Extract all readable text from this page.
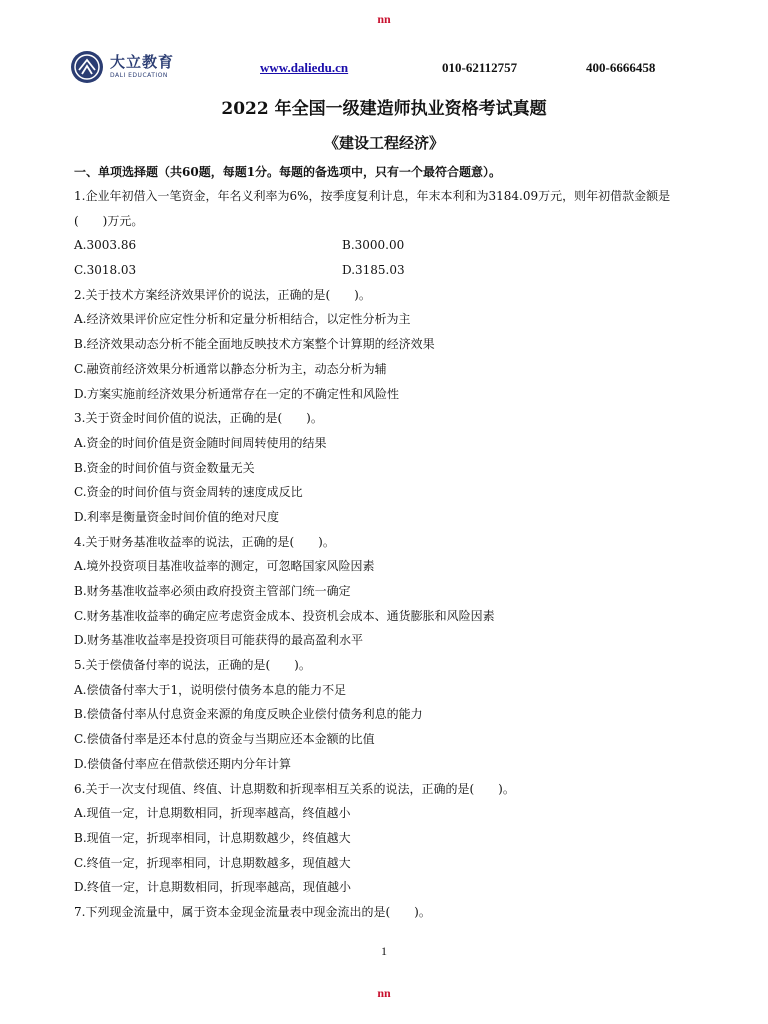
nn
大立教育
DALI EDUCATION
www.daliedu.cn	010-62112757	400-6666458
2022 年全国一级建造师执业资格考试真题
《建设工程经济》
一、单项选择题（共60题，每题1分。每题的备选项中，只有一个最符合题意）。
1.企业年初借入一笔资金，年名义利率为6%，按季度复利计息，年末本利和为3184.09万元，则年初借款金额是(　　)万元。
A.3003.86	B.3000.00
C.3018.03	D.3185.03
2.关于技术方案经济效果评价的说法，正确的是(　　)。
A.经济效果评价应定性分析和定量分析相结合，以定性分析为主
B.经济效果动态分析不能全面地反映技术方案整个计算期的经济效果
C.融资前经济效果分析通常以静态分析为主，动态分析为辅
D.方案实施前经济效果分析通常存在一定的不确定性和风险性
3.关于资金时间价值的说法，正确的是(　　)。
A.资金的时间价值是资金随时间周转使用的结果
B.资金的时间价值与资金数量无关
C.资金的时间价值与资金周转的速度成反比
D.利率是衡量资金时间价值的绝对尺度
4.关于财务基准收益率的说法，正确的是(　　)。
A.境外投资项目基准收益率的测定，可忽略国家风险因素
B.财务基准收益率必须由政府投资主管部门统一确定
C.财务基准收益率的确定应考虑资金成本、投资机会成本、通货膨胀和风险因素
D.财务基准收益率是投资项目可能获得的最高盈利水平
5.关于偿债备付率的说法，正确的是(　　)。
A.偿债备付率大于1，说明偿付债务本息的能力不足
B.偿债备付率从付息资金来源的角度反映企业偿付债务利息的能力
C.偿债备付率是还本付息的资金与当期应还本金额的比值
D.偿债备付率应在借款偿还期内分年计算
6.关于一次支付现值、终值、计息期数和折现率相互关系的说法，正确的是(　　)。
A.现值一定，计息期数相同，折现率越高，终值越小
B.现值一定，折现率相同，计息期数越少，终值越大
C.终值一定，折现率相同，计息期数越多，现值越大
D.终值一定，计息期数相同，折现率越高，现值越小
7.下列现金流量中，属于资本金现金流量表中现金流出的是(　　)。
1
nn
